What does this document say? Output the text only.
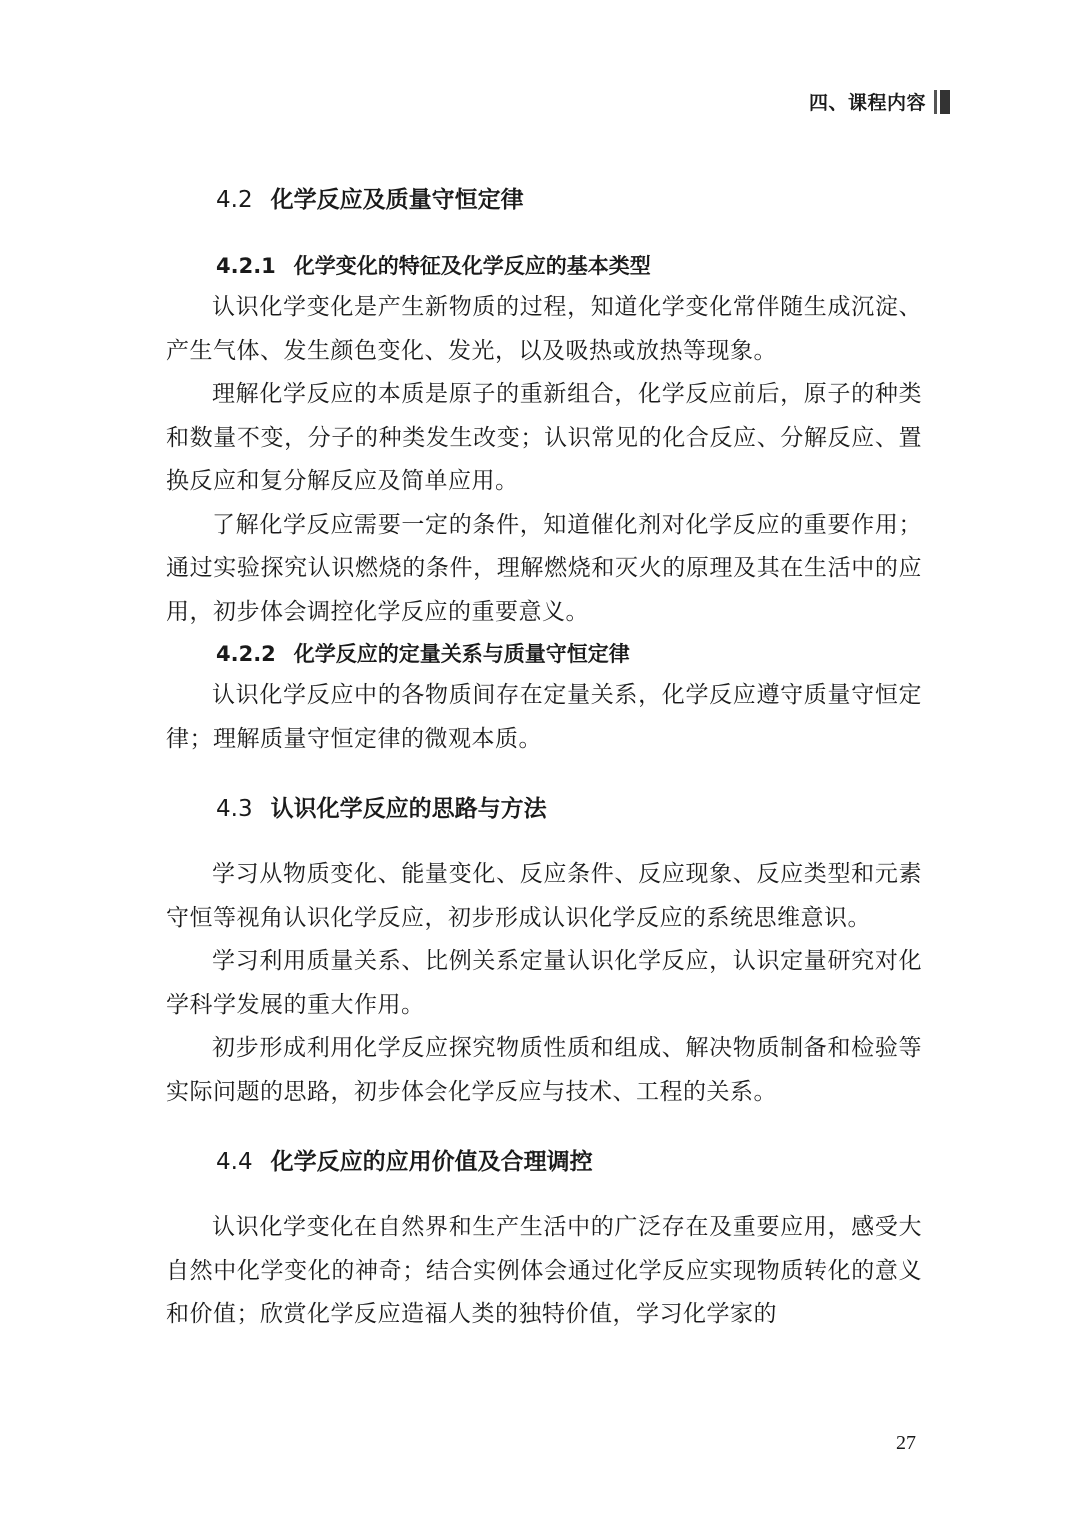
四、课程内容
4.2 化学反应及质量守恒定律
4.2.1 化学变化的特征及化学反应的基本类型

认识化学变化是产生新物质的过程，知道化学变化常伴随生成沉淀、产生气体、发生颜色变化、发光，以及吸热或放热等现象。

理解化学反应的本质是原子的重新组合，化学反应前后，原子的种类和数量不变，分子的种类发生改变；认识常见的化合反应、分解反应、置换反应和复分解反应及简单应用。

了解化学反应需要一定的条件，知道催化剂对化学反应的重要作用；通过实验探究认识燃烧的条件，理解燃烧和灭火的原理及其在生活中的应用，初步体会调控化学反应的重要意义。

4.2.2 化学反应的定量关系与质量守恒定律

认识化学反应中的各物质间存在定量关系，化学反应遵守质量守恒定律；理解质量守恒定律的微观本质。

4.3 认识化学反应的思路与方法

学习从物质变化、能量变化、反应条件、反应现象、反应类型和元素守恒等视角认识化学反应，初步形成认识化学反应的系统思维意识。

学习利用质量关系、比例关系定量认识化学反应，认识定量研究对化学科学发展的重大作用。

初步形成利用化学反应探究物质性质和组成、解决物质制备和检验等实际问题的思路，初步体会化学反应与技术、工程的关系。

4.4 化学反应的应用价值及合理调控

认识化学变化在自然界和生产生活中的广泛存在及重要应用，感受大自然中化学变化的神奇；结合实例体会通过化学反应实现物质转化的意义和价值；欣赏化学反应造福人类的独特价值，学习化学家的

27
